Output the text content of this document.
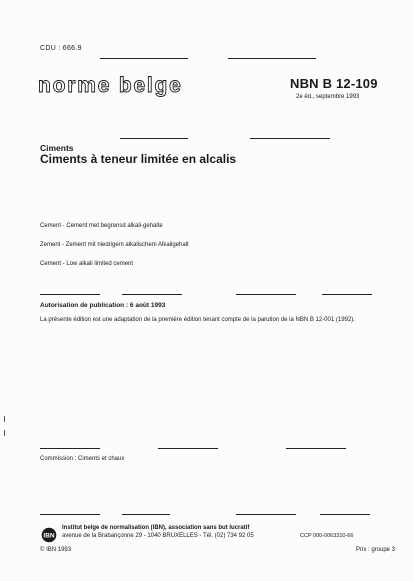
CDU : 666.9
norme belge	NBN B 12-109
2e éd., septembre 1993
Ciments
Ciments à teneur limitée en alcalis
Cement - Cement met begrensd alkali-gehalte
Zement - Zement mit niedrigem alkalischem Alkaligehalt
Cement - Low alkali limited cement
Autorisation de publication : 6 août 1993
La présente édition est une adaptation de la première édition tenant compte de la parution de la NBN B 12-001 (1992).
Commission : Ciments et chaux
IBN
Institut belge de normalisation (IBN), association sans but lucratif
avenue de la Brabançonne 29 - 1040 BRUXELLES - Tél. (02) 734 92 05	CCP 000-0063310-66
© IBN 1993	Prix : groupe 3
